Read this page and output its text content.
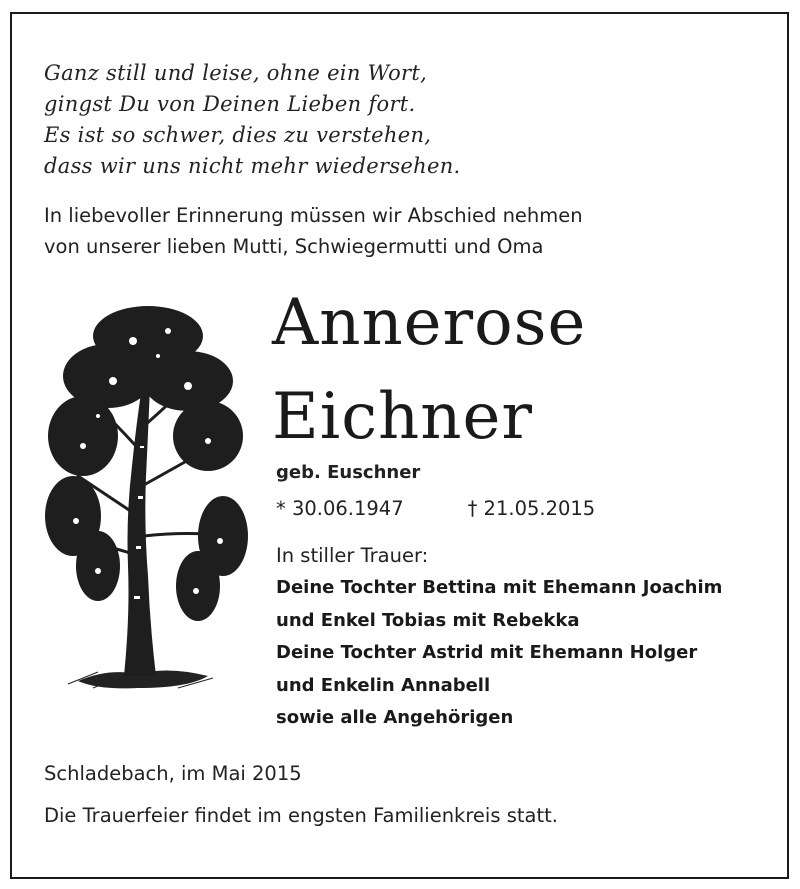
Ganz still und leise, ohne ein Wort,
gingst Du von Deinen Lieben fort.
Es ist so schwer, dies zu verstehen,
dass wir uns nicht mehr wiedersehen.
In liebevoller Erinnerung müssen wir Abschied nehmen
von unserer lieben Mutti, Schwiegermutti und Oma
Annerose
Eichner
geb. Euschner
* 30.06.1947	† 21.05.2015
In stiller Trauer:
Deine Tochter Bettina mit Ehemann Joachim
und Enkel Tobias mit Rebekka
Deine Tochter Astrid mit Ehemann Holger
und Enkelin Annabell
sowie alle Angehörigen
Schladebach, im Mai 2015
Die Trauerfeier findet im engsten Familienkreis statt.
